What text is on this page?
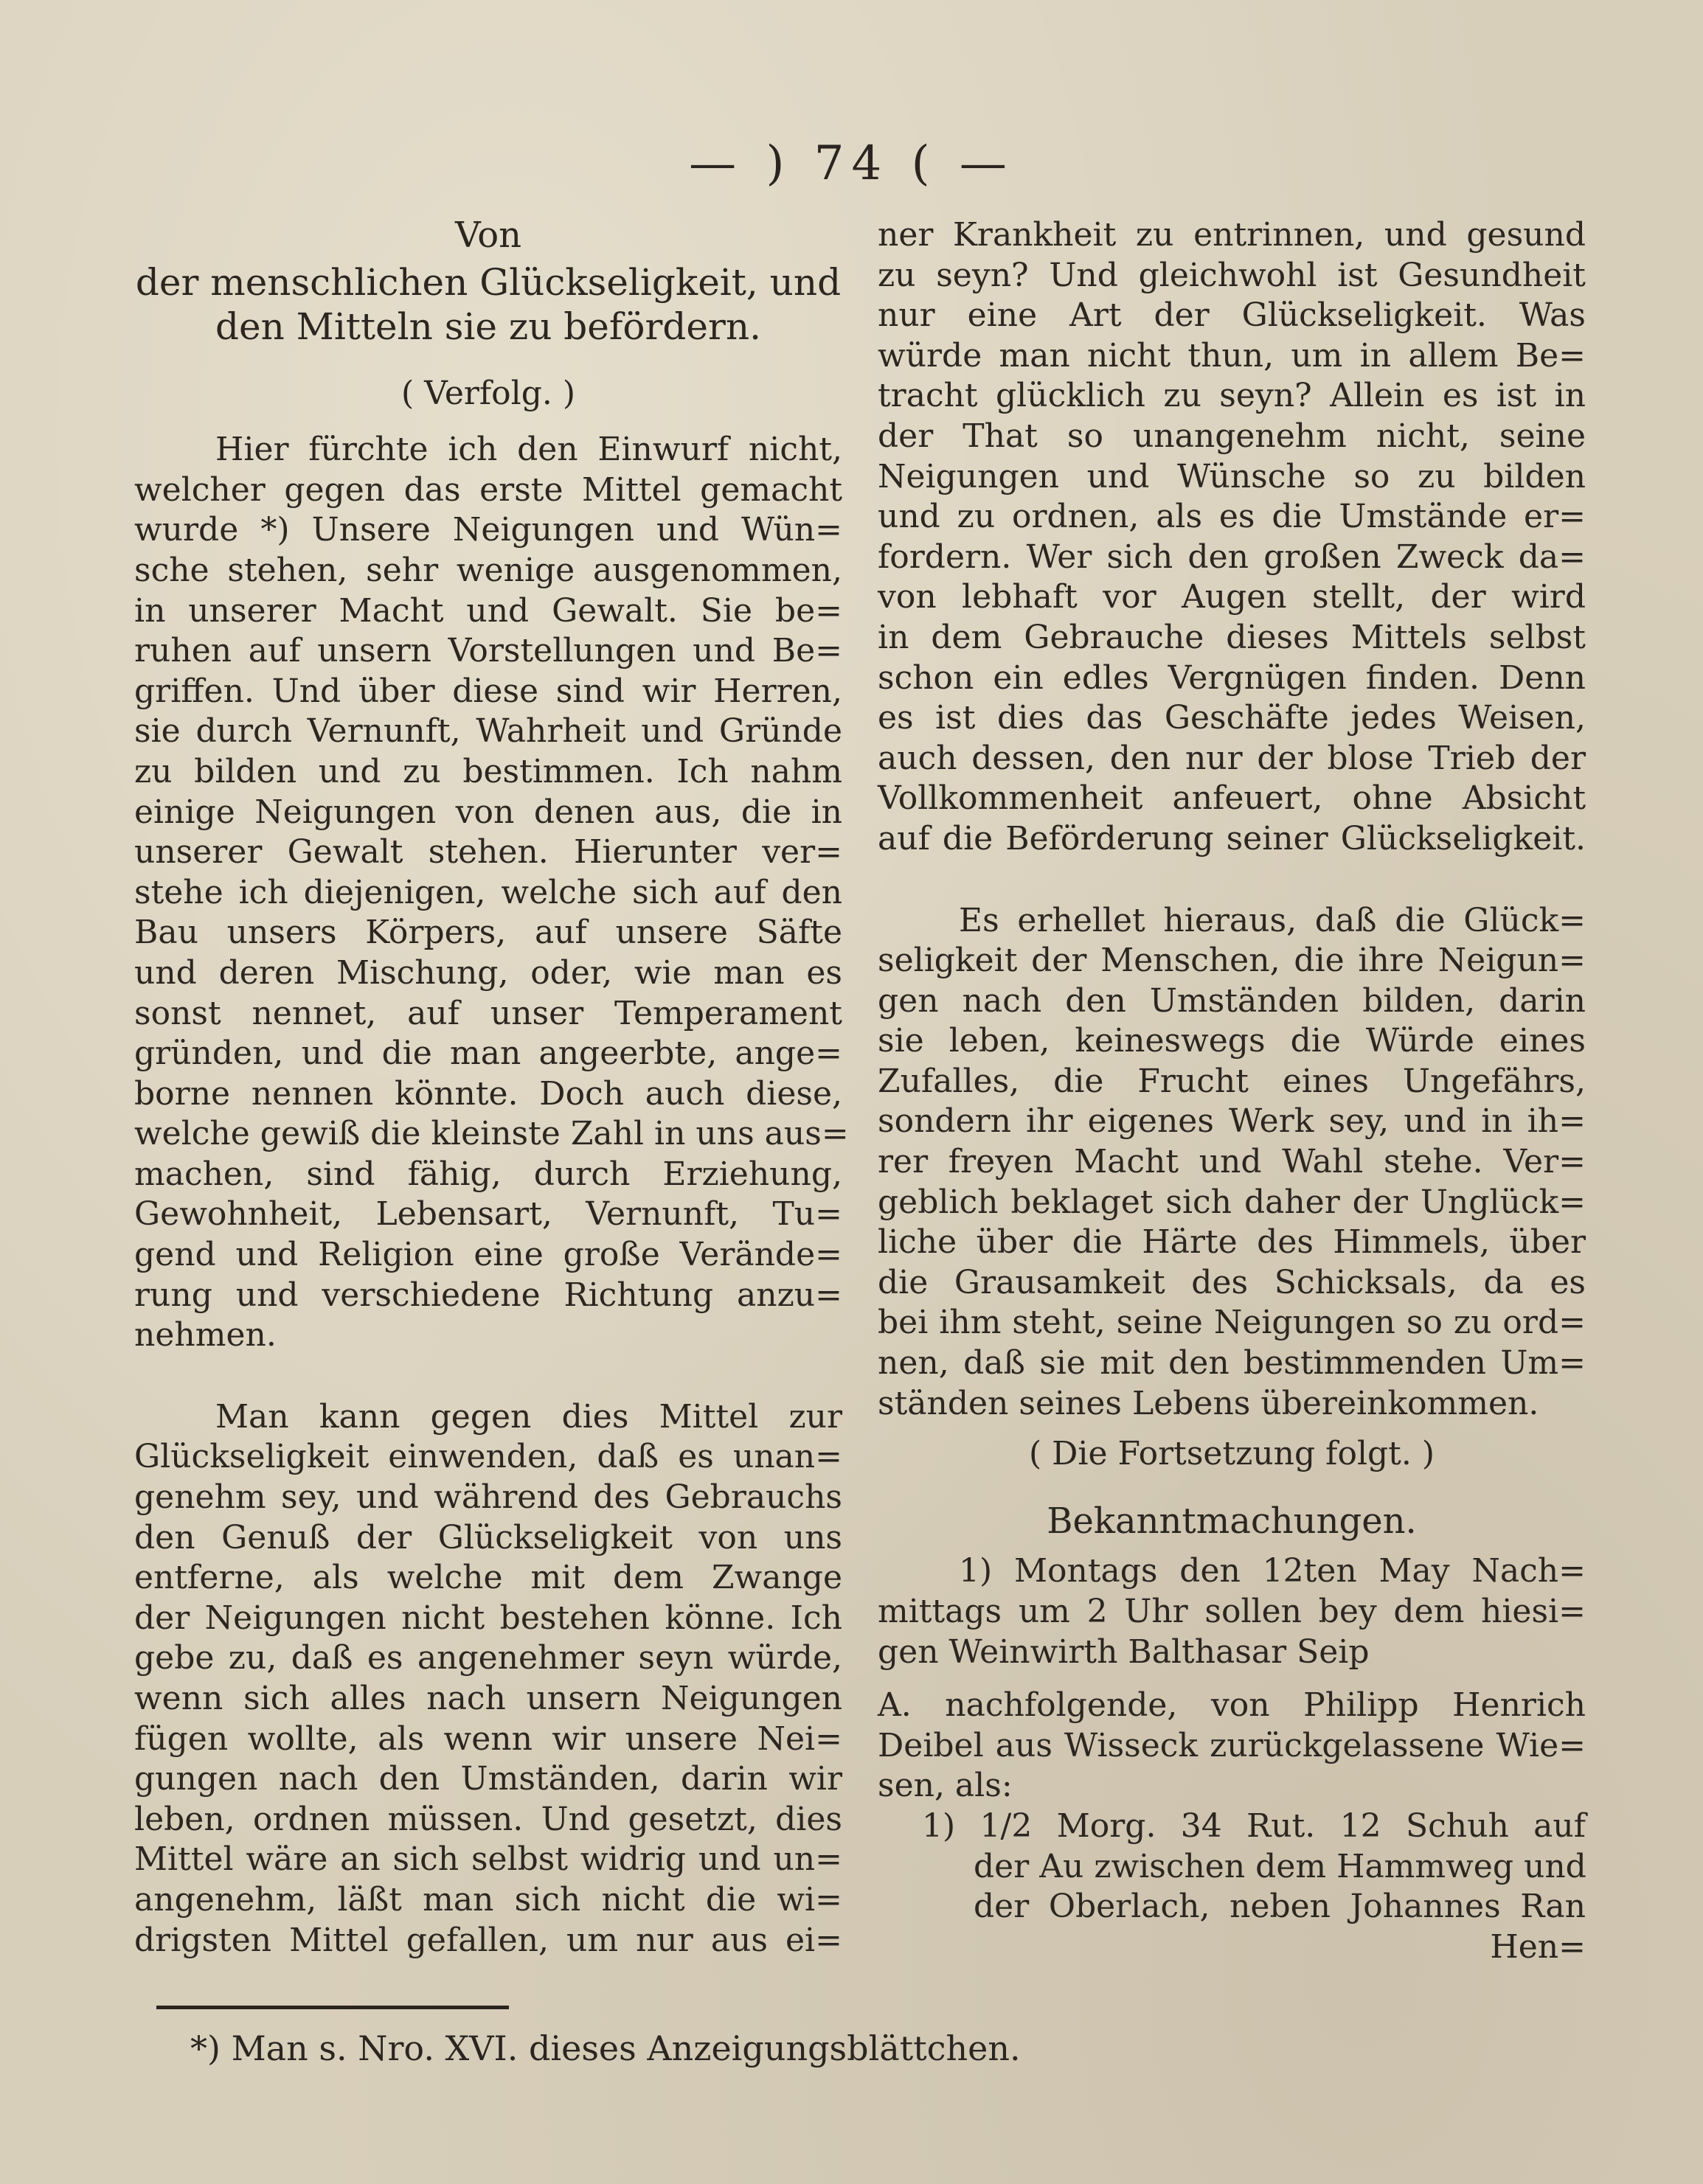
— ) 74 ( —
Von
der menschlichen Glückseligkeit, und
den Mitteln sie zu befördern.
( Verfolg. )
Hier fürchte ich den Einwurf nicht,
welcher gegen das erste Mittel gemacht
wurde *) Unsere Neigungen und Wün=
sche stehen, sehr wenige ausgenommen,
in unserer Macht und Gewalt. Sie be=
ruhen auf unsern Vorstellungen und Be=
griffen. Und über diese sind wir Herren,
sie durch Vernunft, Wahrheit und Gründe
zu bilden und zu bestimmen. Ich nahm
einige Neigungen von denen aus, die in
unserer Gewalt stehen. Hierunter ver=
stehe ich diejenigen, welche sich auf den
Bau unsers Körpers, auf unsere Säfte
und deren Mischung, oder, wie man es
sonst nennet, auf unser Temperament
gründen, und die man angeerbte, ange=
borne nennen könnte. Doch auch diese,
welche gewiß die kleinste Zahl in uns aus=
machen, sind fähig, durch Erziehung,
Gewohnheit, Lebensart, Vernunft, Tu=
gend und Religion eine große Verände=
rung und verschiedene Richtung anzu=
nehmen.
Man kann gegen dies Mittel zur
Glückseligkeit einwenden, daß es unan=
genehm sey, und während des Gebrauchs
den Genuß der Glückseligkeit von uns
entferne, als welche mit dem Zwange
der Neigungen nicht bestehen könne. Ich
gebe zu, daß es angenehmer seyn würde,
wenn sich alles nach unsern Neigungen
fügen wollte, als wenn wir unsere Nei=
gungen nach den Umständen, darin wir
leben, ordnen müssen. Und gesetzt, dies
Mittel wäre an sich selbst widrig und un=
angenehm, läßt man sich nicht die wi=
drigsten Mittel gefallen, um nur aus ei=
ner Krankheit zu entrinnen, und gesund
zu seyn? Und gleichwohl ist Gesundheit
nur eine Art der Glückseligkeit. Was
würde man nicht thun, um in allem Be=
tracht glücklich zu seyn? Allein es ist in
der That so unangenehm nicht, seine
Neigungen und Wünsche so zu bilden
und zu ordnen, als es die Umstände er=
fordern. Wer sich den großen Zweck da=
von lebhaft vor Augen stellt, der wird
in dem Gebrauche dieses Mittels selbst
schon ein edles Vergnügen finden. Denn
es ist dies das Geschäfte jedes Weisen,
auch dessen, den nur der blose Trieb der
Vollkommenheit anfeuert, ohne Absicht
auf die Beförderung seiner Glückseligkeit.
Es erhellet hieraus, daß die Glück=
seligkeit der Menschen, die ihre Neigun=
gen nach den Umständen bilden, darin
sie leben, keineswegs die Würde eines
Zufalles, die Frucht eines Ungefährs,
sondern ihr eigenes Werk sey, und in ih=
rer freyen Macht und Wahl stehe. Ver=
geblich beklaget sich daher der Unglück=
liche über die Härte des Himmels, über
die Grausamkeit des Schicksals, da es
bei ihm steht, seine Neigungen so zu ord=
nen, daß sie mit den bestimmenden Um=
ständen seines Lebens übereinkommen.
( Die Fortsetzung folgt. )
Bekanntmachungen.
1) Montags den 12ten May Nach=
mittags um 2 Uhr sollen bey dem hiesi=
gen Weinwirth Balthasar Seip
A. nachfolgende, von Philipp Henrich
Deibel aus Wisseck zurückgelassene Wie=
sen, als:
1) 1/2 Morg. 34 Rut. 12 Schuh auf
der Au zwischen dem Hammweg und
der Oberlach, neben Johannes Ran
Hen=
*) Man s. Nro. XVI. dieses Anzeigungsblättchen.
